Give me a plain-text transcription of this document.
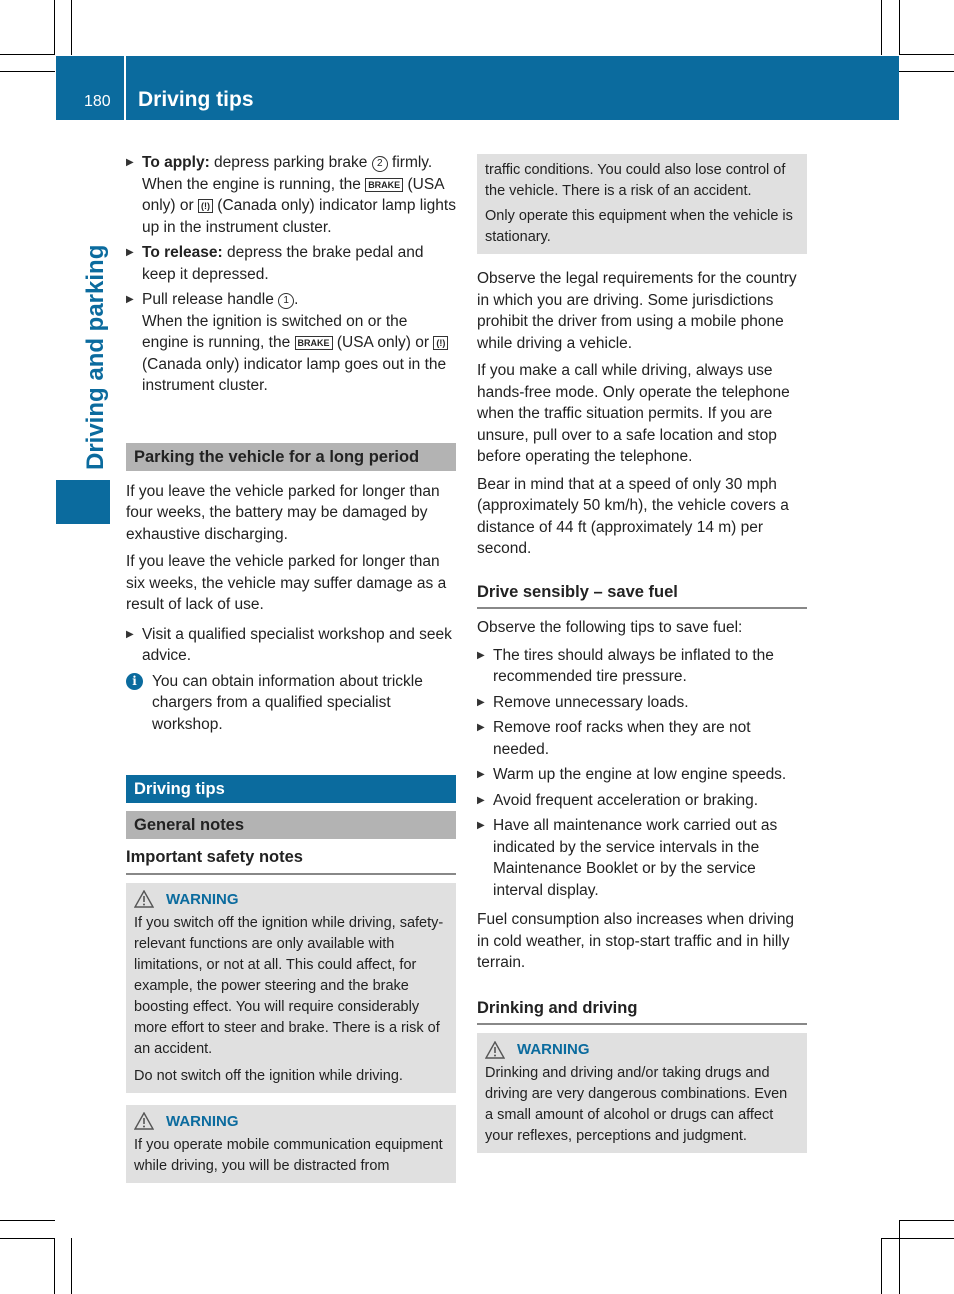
Driving and parking
180 Driving tips
▶ To apply: depress parking brake 2 firmly. When the engine is running, the BRAKE (USA only) or (!) (Canada only) indicator lamp lights up in the instrument cluster.
▶ To release: depress the brake pedal and keep it depressed.
▶ Pull release handle 1 .
When the ignition is switched on or the engine is running, the BRAKE (USA only) or (!) (Canada only) indicator lamp goes out in the instrument cluster.
Parking the vehicle for a long period

If you leave the vehicle parked for longer than four weeks, the battery may be damaged by exhaustive discharging.

If you leave the vehicle parked for longer than six weeks, the vehicle may suffer damage as a result of lack of use.

▶ Visit a qualified specialist workshop and seek advice.
i You can obtain information about trickle chargers from a qualified specialist workshop.
Driving tips
General notes
Important safety notes
WARNING

If you switch off the ignition while driving, safety-relevant functions are only available with limitations, or not at all. This could affect, for example, the power steering and the brake boosting effect. You will require considerably more effort to steer and brake. There is a risk of an accident.

Do not switch off the ignition while driving.

WARNING

If you operate mobile communication equipment while driving, you will be distracted from

traffic conditions. You could also lose control of the vehicle. There is a risk of an accident.

Only operate this equipment when the vehicle is stationary.

Observe the legal requirements for the country in which you are driving. Some jurisdictions prohibit the driver from using a mobile phone while driving a vehicle.

If you make a call while driving, always use hands-free mode. Only operate the telephone when the traffic situation permits. If you are unsure, pull over to a safe location and stop before operating the telephone.

Bear in mind that at a speed of only 30 mph (approximately 50 km/h), the vehicle covers a distance of 44 ft (approximately 14 m) per second.

Drive sensibly – save fuel

Observe the following tips to save fuel:

▶ The tires should always be inflated to the recommended tire pressure.
▶ Remove unnecessary loads.
▶ Remove roof racks when they are not needed.
▶ Warm up the engine at low engine speeds.
▶ Avoid frequent acceleration or braking.
▶ Have all maintenance work carried out as indicated by the service intervals in the Maintenance Booklet or by the service interval display.

Fuel consumption also increases when driving in cold weather, in stop-start traffic and in hilly terrain.

Drinking and driving
WARNING

Drinking and driving and/or taking drugs and driving are very dangerous combinations. Even a small amount of alcohol or drugs can affect your reflexes, perceptions and judgment.
